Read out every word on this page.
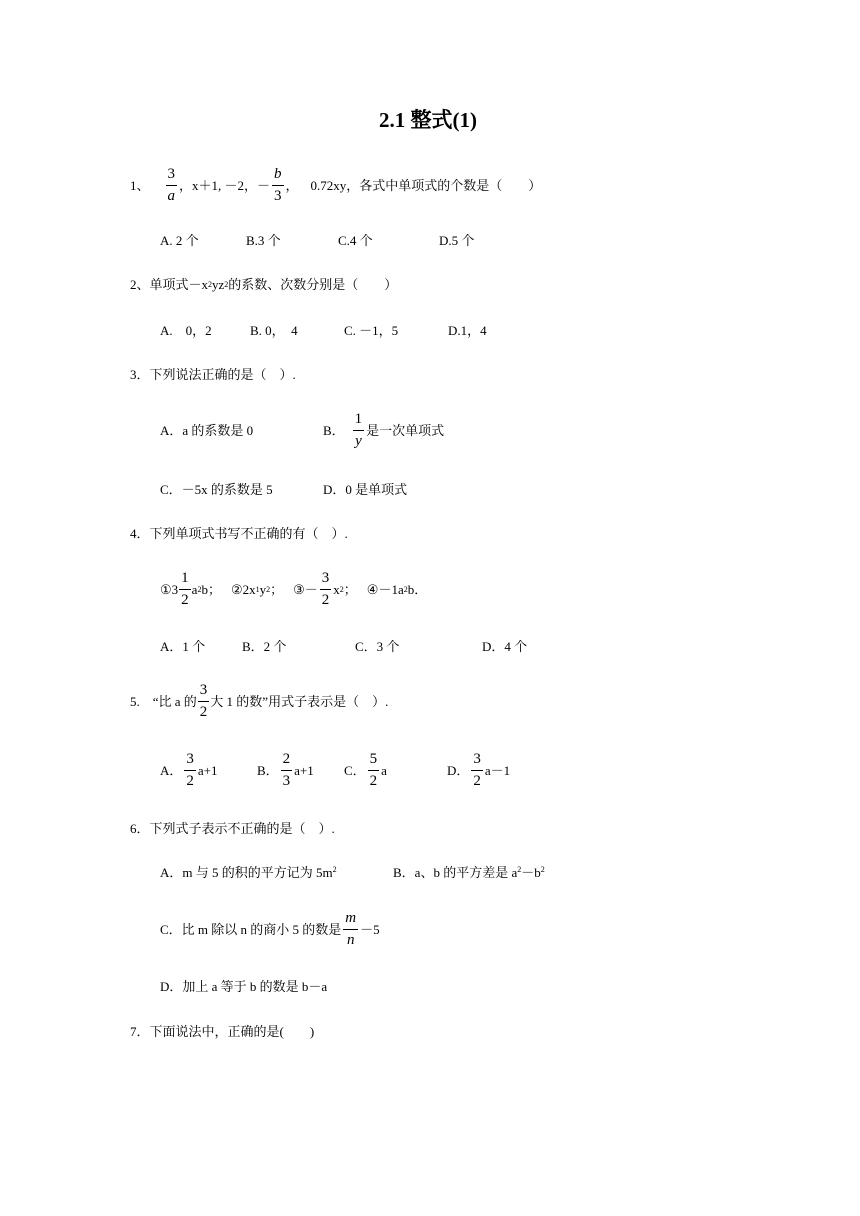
2.1 整式(1)
1、 $\frac{3}{a}$ ，x＋1, －2，－ $\frac{b}{3}$ ， 0.72xy ，各式中单项式的个数是（　　）
A. 2 个	B.3 个	C.4 个	D.5 个
2、单项式－x 2 yz 2 的系数、次数分别是（　　）
A.　0，2	B. 0，　4	C. －1，5	D.1，4
3．下列说法正确的是（　）.
A．a 的系数是 0	B． $\frac{1}{y}$ 是一次单项式
C．－5x 的系数是 5	D．0 是单项式
4．下列单项式书写不正确的有（　）.
①3 $\frac{1}{2}$ a 2 b； ②2x 1 y 2 ； ③－ $\frac{3}{2}$ x 2 ； ④－1a 2 b．
A．1 个	B．2 个	C．3 个	D．4 个
5.　“比 a 的 $\frac{3}{2}$ 大 1 的数”用式子表示是（　）.
A． $\frac{3}{2} a+1$	B． $\frac{2}{3} a+1$ C． $\frac{5}{2}$ a	D． $\frac{3}{2} a-1$
6．下列式子表示不正确的是（　）.
A．m 与 5 的积的平方记为 $5m^2$	B．a、b 的平方差是 $a^2-b^2$
C．比 m 除以 n 的商小 5 的数是 $\frac{m}{n} -5$
D．加上 a 等于 b 的数是 b－a
7．下面说法中，正确的是(　　)
